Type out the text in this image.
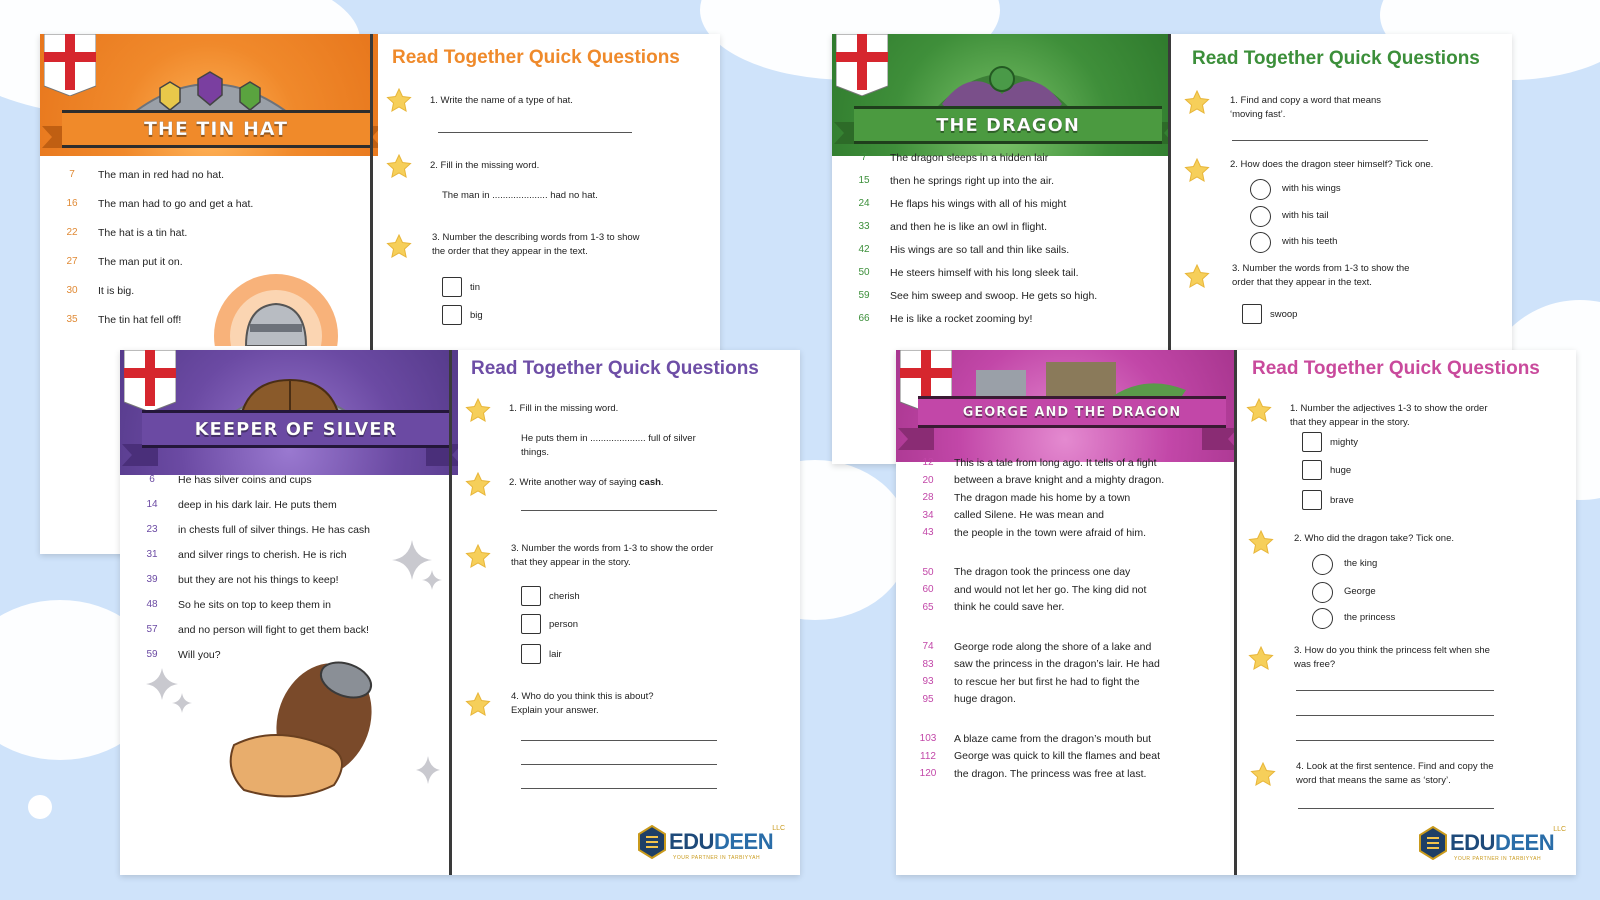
THE TIN HAT
7	The man in red had no hat.
16	The man had to go and get a hat.
22	The hat is a tin hat.
27	The man put it on.
30	It is big.
35	The tin hat fell off!
Read Together Quick Questions
1. Write the name of a type of hat.
2. Fill in the missing word.
The man in ..................... had no hat.
3. Number the describing words from 1-3 to show the order that they appear in the text.
tin
big
THE DRAGON
7	The dragon sleeps in a hidden lair
15	then he springs right up into the air.
24	He flaps his wings with all of his might
33	and then he is like an owl in flight.
42	His wings are so tall and thin like sails.
50	He steers himself with his long sleek tail.
59	See him sweep and swoop. He gets so high.
66	He is like a rocket zooming by!
Read Together Quick Questions
1. Find and copy a word that means ‘moving fast’.
2. How does the dragon steer himself? Tick one.
with his wings
with his tail
with his teeth
3. Number the words from 1-3 to show the order that they appear in the text.
swoop
KEEPER OF SILVER
6	He has silver coins and cups
14	deep in his dark lair. He puts them
23	in chests full of silver things. He has cash
31	and silver rings to cherish. He is rich
39	but they are not his things to keep!
48	So he sits on top to keep them in
57	and no person will fight to get them back!
59	Will you?
Read Together Quick Questions
1. Fill in the missing word.
He puts them in ..................... full of silver things.
2. Write another way of saying cash.
3. Number the words from 1-3 to show the order that they appear in the story.
cherish
person
lair
4. Who do you think this is about? Explain your answer.
EDUDEEN
LLC
YOUR PARTNER IN TARBIYYAH
GEORGE AND THE DRAGON
12	This is a tale from long ago. It tells of a fight
20	between a brave knight and a mighty dragon.
28	The dragon made his home by a town
34	called Silene. He was mean and
43	the people in the town were afraid of him.
50	The dragon took the princess one day
60	and would not let her go. The king did not
65	think he could save her.
74	George rode along the shore of a lake and
83	saw the princess in the dragon’s lair. He had
93	to rescue her but first he had to fight the
95	huge dragon.
103	A blaze came from the dragon’s mouth but
112	George was quick to kill the flames and beat
120	the dragon. The princess was free at last.
Read Together Quick Questions
1. Number the adjectives 1-3 to show the order that they appear in the story.
mighty
huge
brave
2. Who did the dragon take? Tick one.
the king
George
the princess
3. How do you think the princess felt when she was free?
4. Look at the first sentence. Find and copy the word that means the same as ‘story’.
EDUDEEN
LLC
YOUR PARTNER IN TARBIYYAH
